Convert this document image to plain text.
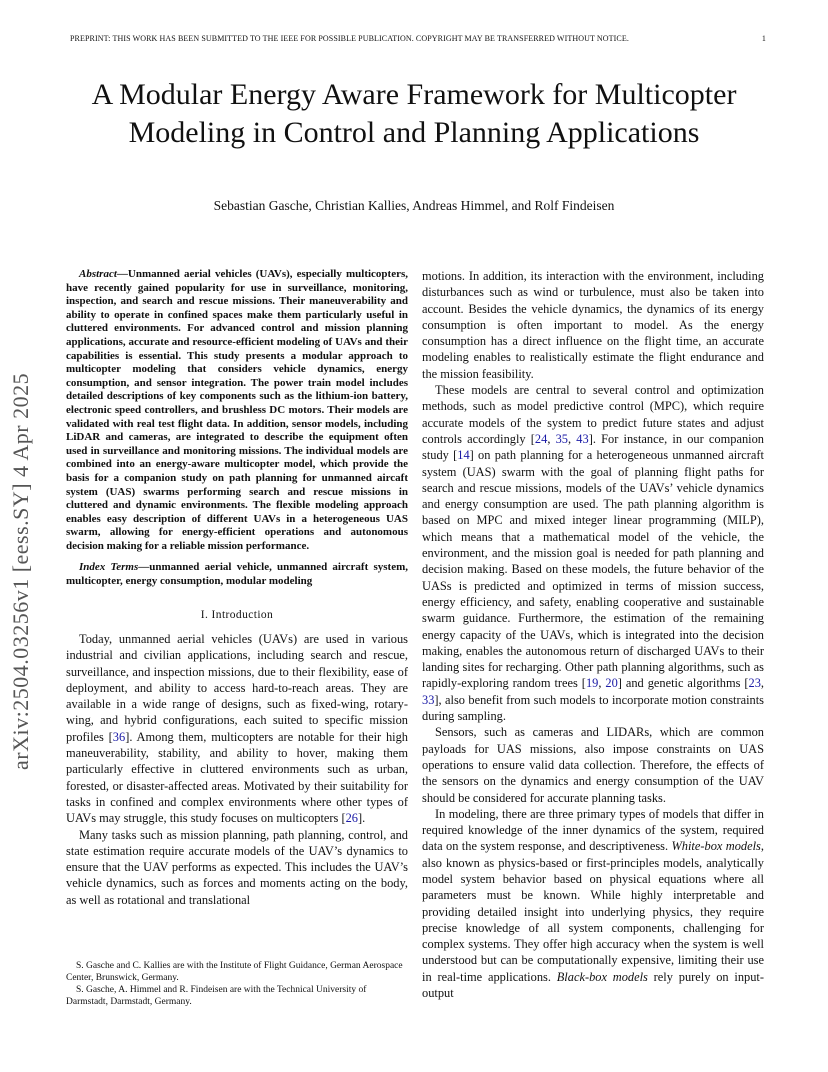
PREPRINT: THIS WORK HAS BEEN SUBMITTED TO THE IEEE FOR POSSIBLE PUBLICATION. COPYRIGHT MAY BE TRANSFERRED WITHOUT NOTICE.	1
arXiv:2504.03256v1 [eess.SY] 4 Apr 2025
A Modular Energy Aware Framework for Multicopter Modeling in Control and Planning Applications
Sebastian Gasche, Christian Kallies, Andreas Himmel, and Rolf Findeisen

Abstract—Unmanned aerial vehicles (UAVs), especially multicopters, have recently gained popularity for use in surveillance, monitoring, inspection, and search and rescue missions. Their maneuverability and ability to operate in confined spaces make them particularly useful in cluttered environments. For advanced control and mission planning applications, accurate and resource-efficient modeling of UAVs and their capabilities is essential. This study presents a modular approach to multicopter modeling that considers vehicle dynamics, energy consumption, and sensor integration. The power train model includes detailed descriptions of key components such as the lithium-ion battery, electronic speed controllers, and brushless DC motors. Their models are validated with real test flight data. In addition, sensor models, including LiDAR and cameras, are integrated to describe the equipment often used in surveillance and monitoring missions. The individual models are combined into an energy-aware multicopter model, which provide the basis for a companion study on path planning for unmanned aircaft system (UAS) swarms performing search and rescue missions in cluttered and dynamic environments. The flexible modeling approach enables easy description of different UAVs in a heterogeneous UAS swarm, allowing for energy-efficient operations and autonomous decision making for a reliable mission performance.

Index Terms—unmanned aerial vehicle, unmanned aircraft system, multicopter, energy consumption, modular modeling

I. Introduction

Today, unmanned aerial vehicles (UAVs) are used in various industrial and civilian applications, including search and rescue, surveillance, and inspection missions, due to their flexibility, ease of deployment, and ability to access hard-to-reach areas. They are available in a wide range of designs, such as fixed-wing, rotary-wing, and hybrid configurations, each suited to specific mission profiles [36]. Among them, multicopters are notable for their high maneuverability, stability, and ability to hover, making them particularly effective in cluttered environments such as urban, forested, or disaster-affected areas. Motivated by their suitability for tasks in confined and complex environments where other types of UAVs may struggle, this study focuses on multicopters [26].

Many tasks such as mission planning, path planning, control, and state estimation require accurate models of the UAV’s dynamics to ensure that the UAV performs as expected. This includes the UAV’s vehicle dynamics, such as forces and moments acting on the body, as well as rotational and translational

S. Gasche and C. Kallies are with the Institute of Flight Guidance, German Aerospace Center, Brunswick, Germany.

S. Gasche, A. Himmel and R. Findeisen are with the Technical University of Darmstadt, Darmstadt, Germany.

motions. In addition, its interaction with the environment, including disturbances such as wind or turbulence, must also be taken into account. Besides the vehicle dynamics, the dynamics of its energy consumption is often important to model. As the energy consumption has a direct influence on the flight time, an accurate modeling enables to realistically estimate the flight endurance and the mission feasibility.

These models are central to several control and optimization methods, such as model predictive control (MPC), which require accurate models of the system to predict future states and adjust controls accordingly [24, 35, 43]. For instance, in our companion study [14] on path planning for a heterogeneous unmanned aircraft system (UAS) swarm with the goal of planning flight paths for search and rescue missions, models of the UAVs’ vehicle dynamics and energy consumption are used. The path planning algorithm is based on MPC and mixed integer linear programming (MILP), which means that a mathematical model of the vehicle, the environment, and the mission goal is needed for path planning and decision making. Based on these models, the future behavior of the UASs is predicted and optimized in terms of mission success, energy efficiency, and safety, enabling cooperative and sustainable swarm guidance. Furthermore, the estimation of the remaining energy capacity of the UAVs, which is integrated into the decision making, enables the autonomous return of discharged UAVs to their landing sites for recharging. Other path planning algorithms, such as rapidly-exploring random trees [19, 20] and genetic algorithms [23, 33], also benefit from such models to incorporate motion constraints during sampling.

Sensors, such as cameras and LIDARs, which are common payloads for UAS missions, also impose constraints on UAS operations to ensure valid data collection. Therefore, the effects of the sensors on the dynamics and energy consumption of the UAV should be considered for accurate planning tasks.

In modeling, there are three primary types of models that differ in required knowledge of the inner dynamics of the system, required data on the system response, and descriptiveness. White-box models, also known as physics-based or first-principles models, analytically model system behavior based on physical equations where all parameters must be known. While highly interpretable and providing detailed insight into underlying physics, they require precise knowledge of all system components, challenging for complex systems. They offer high accuracy when the system is well understood but can be computationally expensive, limiting their use in real-time applications. Black-box models rely purely on input-output
